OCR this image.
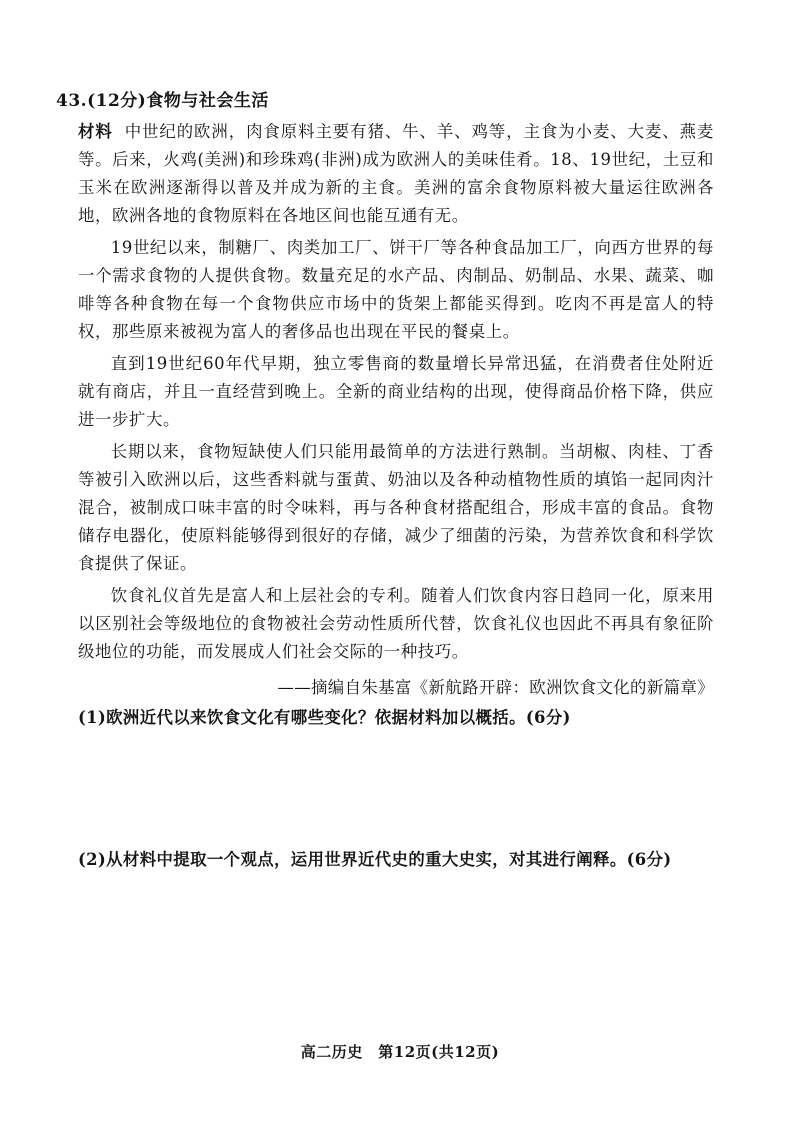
43.(12分)食物与社会生活

材料 中世纪的欧洲，肉食原料主要有猪、牛、羊、鸡等，主食为小麦、大麦、燕麦等。后来，火鸡(美洲)和珍珠鸡(非洲)成为欧洲人的美味佳肴。18、19世纪，土豆和玉米在欧洲逐渐得以普及并成为新的主食。美洲的富余食物原料被大量运往欧洲各地，欧洲各地的食物原料在各地区间也能互通有无。

19世纪以来，制糖厂、肉类加工厂、饼干厂等各种食品加工厂，向西方世界的每一个需求食物的人提供食物。数量充足的水产品、肉制品、奶制品、水果、蔬菜、咖啡等各种食物在每一个食物供应市场中的货架上都能买得到。吃肉不再是富人的特权，那些原来被视为富人的奢侈品也出现在平民的餐桌上。

直到19世纪60年代早期，独立零售商的数量增长异常迅猛，在消费者住处附近就有商店，并且一直经营到晚上。全新的商业结构的出现，使得商品价格下降，供应进一步扩大。

长期以来，食物短缺使人们只能用最简单的方法进行熟制。当胡椒、肉桂、丁香等被引入欧洲以后，这些香料就与蛋黄、奶油以及各种动植物性质的填馅一起同肉汁混合，被制成口味丰富的时令味料，再与各种食材搭配组合，形成丰富的食品。食物储存电器化，使原料能够得到很好的存储，减少了细菌的污染，为营养饮食和科学饮食提供了保证。

饮食礼仪首先是富人和上层社会的专利。随着人们饮食内容日趋同一化，原来用以区别社会等级地位的食物被社会劳动性质所代替，饮食礼仪也因此不再具有象征阶级地位的功能，而发展成人们社会交际的一种技巧。

——摘编自朱基富《新航路开辟：欧洲饮食文化的新篇章》
(1)欧洲近代以来饮食文化有哪些变化？依据材料加以概括。(6分)
(2)从材料中提取一个观点，运用世界近代史的重大史实，对其进行阐释。(6分)
高二历史　第12页(共12页)
